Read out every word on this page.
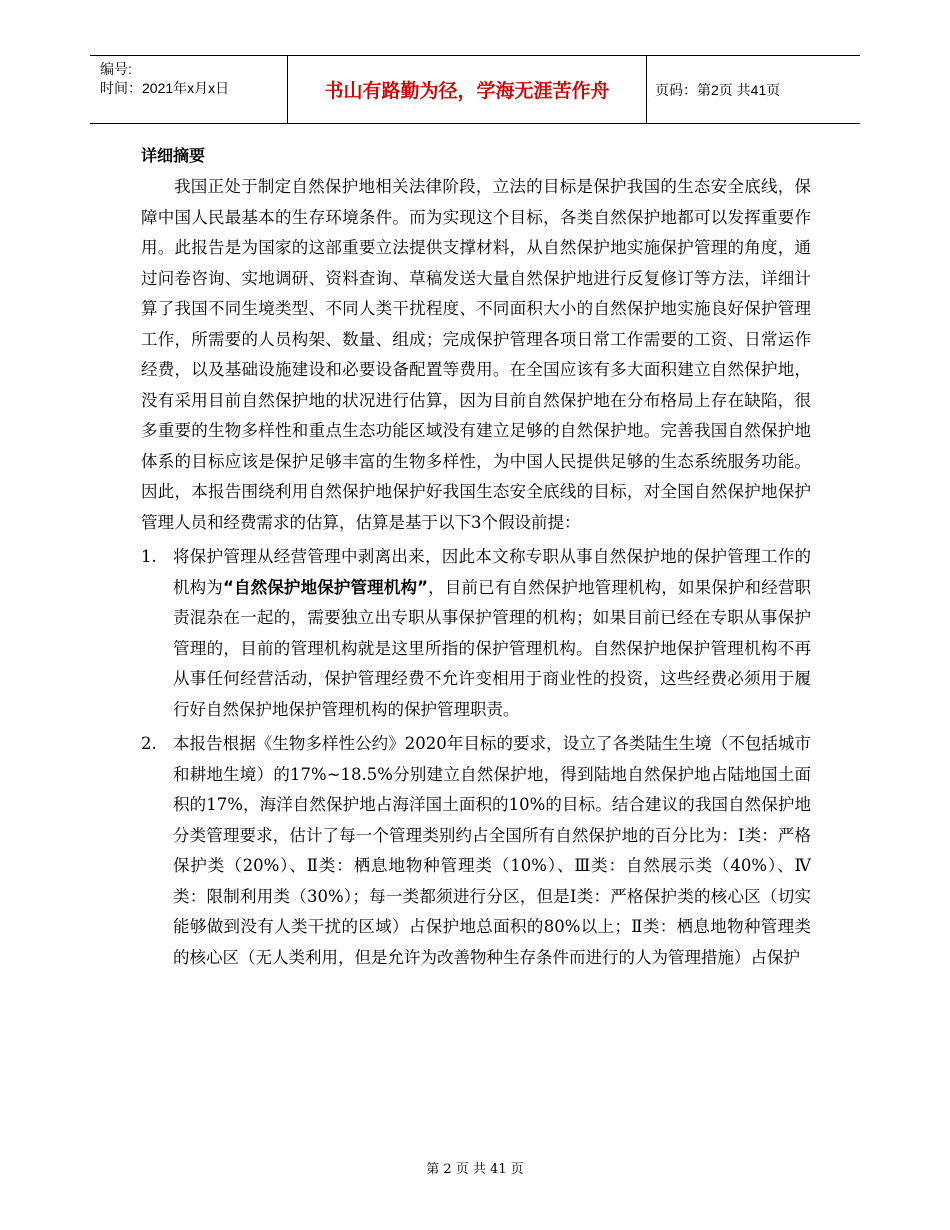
编号:
时间：2021年x月x日	书山有路勤为径，学海无涯苦作舟	页码：第2页 共41页

详细摘要

我国正处于制定自然保护地相关法律阶段，立法的目标是保护我国的生态安全底线，保障中国人民最基本的生存环境条件。而为实现这个目标，各类自然保护地都可以发挥重要作用。此报告是为国家的这部重要立法提供支撑材料，从自然保护地实施保护管理的角度，通过问卷咨询、实地调研、资料查询、草稿发送大量自然保护地进行反复修订等方法，详细计算了我国不同生境类型、不同人类干扰程度、不同面积大小的自然保护地实施良好保护管理工作，所需要的人员构架、数量、组成；完成保护管理各项日常工作需要的工资、日常运作经费，以及基础设施建设和必要设备配置等费用。在全国应该有多大面积建立自然保护地，没有采用目前自然保护地的状况进行估算，因为目前自然保护地在分布格局上存在缺陷，很多重要的生物多样性和重点生态功能区域没有建立足够的自然保护地。完善我国自然保护地体系的目标应该是保护足够丰富的生物多样性，为中国人民提供足够的生态系统服务功能。因此，本报告围绕利用自然保护地保护好我国生态安全底线的目标，对全国自然保护地保护管理人员和经费需求的估算，估算是基于以下3个假设前提：

1. 将保护管理从经营管理中剥离出来，因此本文称专职从事自然保护地的保护管理工作的机构为“自然保护地保护管理机构”，目前已有自然保护地管理机构，如果保护和经营职责混杂在一起的，需要独立出专职从事保护管理的机构；如果目前已经在专职从事保护管理的，目前的管理机构就是这里所指的保护管理机构。自然保护地保护管理机构不再从事任何经营活动，保护管理经费不允许变相用于商业性的投资，这些经费必须用于履行好自然保护地保护管理机构的保护管理职责。
2. 本报告根据《生物多样性公约》2020年目标的要求，设立了各类陆生生境（不包括城市和耕地生境）的17%~18.5%分别建立自然保护地，得到陆地自然保护地占陆地国土面积的17%，海洋自然保护地占海洋国土面积的10%的目标。结合建议的我国自然保护地分类管理要求，估计了每一个管理类别约占全国所有自然保护地的百分比为：Ⅰ类：严格保护类（20%）、Ⅱ类：栖息地物种管理类（10%）、Ⅲ类：自然展示类（40%）、Ⅳ类：限制利用类（30%）；每一类都须进行分区，但是Ⅰ类：严格保护类的核心区（切实能够做到没有人类干扰的区域）占保护地总面积的80%以上；Ⅱ类：栖息地物种管理类的核心区（无人类利用，但是允许为改善物种生存条件而进行的人为管理措施）占保护
第 2 页 共 41 页
